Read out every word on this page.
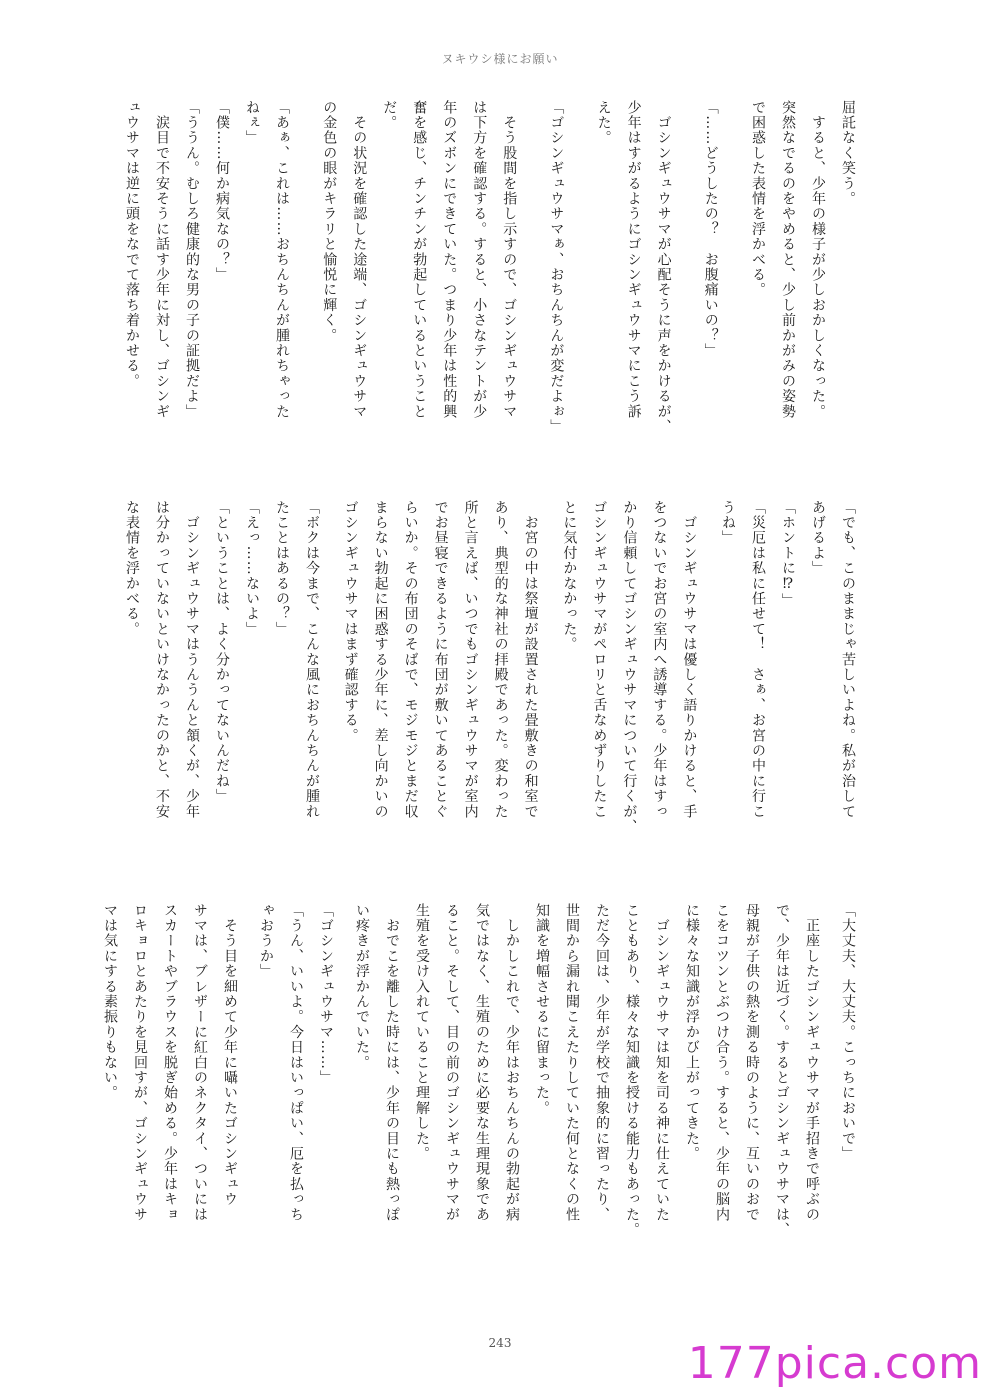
ヌキウシ様にお願い

屈託なく笑う。

　すると、少年の様子が少しおかしくなった。

突然なでるのをやめると、少し前かがみの姿勢

で困惑した表情を浮かべる。

「……どうしたの？　お腹痛いの？」

　ゴシンギュウサマが心配そうに声をかけるが、

少年はすがるようにゴシンギュウサマにこう訴

えた。

「ゴシンギュウサマぁ、おちんちんが変だよぉ」

　そう股間を指し示すので、ゴシンギュウサマ

は下方を確認する。すると、小さなテントが少

年のズボンにできていた。つまり少年は性的興

奮を感じ、チンチンが勃起しているということ

だ。

　その状況を確認した途端、ゴシンギュウサマ

の金色の眼がキラリと愉悦に輝く。

「あぁ、これは……おちんちんが腫れちゃった

ねぇ」

「僕……何か病気なの？」

「ううん。むしろ健康的な男の子の証拠だよ」

　涙目で不安そうに話す少年に対し、ゴシンギ

ュウサマは逆に頭をなでて落ち着かせる。

「でも、このままじゃ苦しいよね。私が治して

あげるよ」

「ホントに⁉」

「災厄は私に任せて！　さぁ、お宮の中に行こ

うね」

　ゴシンギュウサマは優しく語りかけると、手

をつないでお宮の室内へ誘導する。少年はすっ

かり信頼してゴシンギュウサマについて行くが、

ゴシンギュウサマがペロリと舌なめずりしたこ

とに気付かなかった。

　お宮の中は祭壇が設置された畳敷きの和室で

あり、典型的な神社の拝殿であった。変わった

所と言えば、いつでもゴシンギュウサマが室内

でお昼寝できるように布団が敷いてあることぐ

らいか。その布団のそばで、モジモジとまだ収

まらない勃起に困惑する少年に、差し向かいの

ゴシンギュウサマはまず確認する。

「ボクは今まで、こんな風におちんちんが腫れ

たことはあるの？」

「えっ……ないよ」

「ということは、よく分かってないんだね」

　ゴシンギュウサマはうんうんと頷くが、少年

は分かっていないといけなかったのかと、不安

な表情を浮かべる。

「大丈夫、大丈夫。こっちにおいで」

　正座したゴシンギュウサマが手招きで呼ぶの

で、少年は近づく。するとゴシンギュウサマは、

母親が子供の熱を測る時のように、互いのおで

こをコツンとぶつけ合う。すると、少年の脳内

に様々な知識が浮かび上がってきた。

　ゴシンギュウサマは知を司る神に仕えていた

こともあり、様々な知識を授ける能力もあった。

ただ今回は、少年が学校で抽象的に習ったり、

世間から漏れ聞こえたりしていた何となくの性

知識を増幅させるに留まった。

　しかしこれで、少年はおちんちんの勃起が病

気ではなく、生殖のために必要な生理現象であ

ること。そして、目の前のゴシンギュウサマが

生殖を受け入れていること理解した。

　おでこを離した時には、少年の目にも熱っぽ

い疼きが浮かんでいた。

「ゴシンギュウサマ……」

「うん、いいよ。今日はいっぱい、厄を払っち

ゃおうか」

　そう目を細めて少年に囁いたゴシンギュウ

サマは、ブレザーに紅白のネクタイ、ついには

スカートやブラウスを脱ぎ始める。少年はキョ

ロキョロとあたりを見回すが、ゴシンギュウサ

マは気にする素振りもない。

243	177pica.com
